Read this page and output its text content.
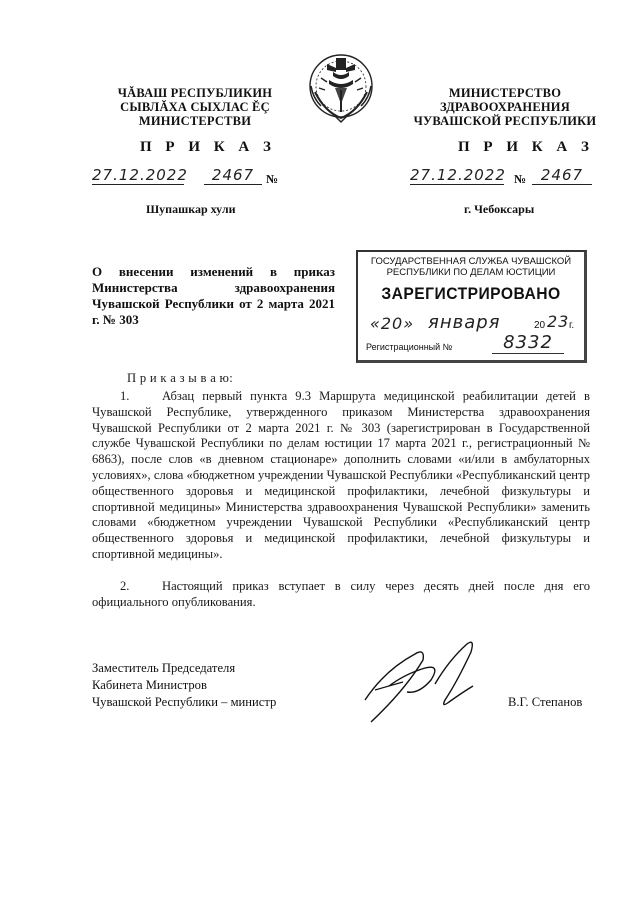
ЧĂВАШ РЕСПУБЛИКИН
СЫВЛĂХА СЫХЛАС ĔÇ
МИНИСТЕРСТВИ
МИНИСТЕРСТВО
ЗДРАВООХРАНЕНИЯ
ЧУВАШСКОЙ РЕСПУБЛИКИ
П Р И К А З	П Р И К А З
27.12.2022	2467 №	27.12.2022 № 2467
Шупашкар хули	г. Чебоксары
О внесении изменений в приказ Министерства здравоохранения Чувашской Республики от 2 марта 2021 г. № 303
ГОСУДАРСТВЕННАЯ СЛУЖБА ЧУВАШСКОЙ РЕСПУБЛИКИ ПО ДЕЛАМ ЮСТИЦИИ
ЗАРЕГИСТРИРОВАНО
«20» января	20 23 г.
Регистрационный №	8332
П р и к а з ы в а ю:
1.	Абзац первый пункта 9.3 Маршрута медицинской реабилитации детей в Чувашской Республике, утвержденного приказом Министерства здравоохранения Чувашской Республики от 2 марта 2021 г. № 303 (зарегистрирован в Государственной службе Чувашской Республики по делам юстиции 17 марта 2021 г., регистрационный № 6863), после слов «в дневном стационаре» дополнить словами «и/или в амбулаторных условиях», слова «бюджетном учреждении Чувашской Республики «Республиканский центр общественного здоровья и медицинской профилактики, лечебной физкультуры и спортивной медицины» Министерства здравоохранения Чувашской Республики» заменить словами «бюджетном учреждении Чувашской Республики «Республиканский центр общественного здоровья и медицинской профилактики, лечебной физкультуры и спортивной медицины».
2.	Настоящий приказ вступает в силу через десять дней после дня его официального опубликования.
Заместитель Председателя
Кабинета Министров
Чувашской Республики – министр	В.Г. Степанов
